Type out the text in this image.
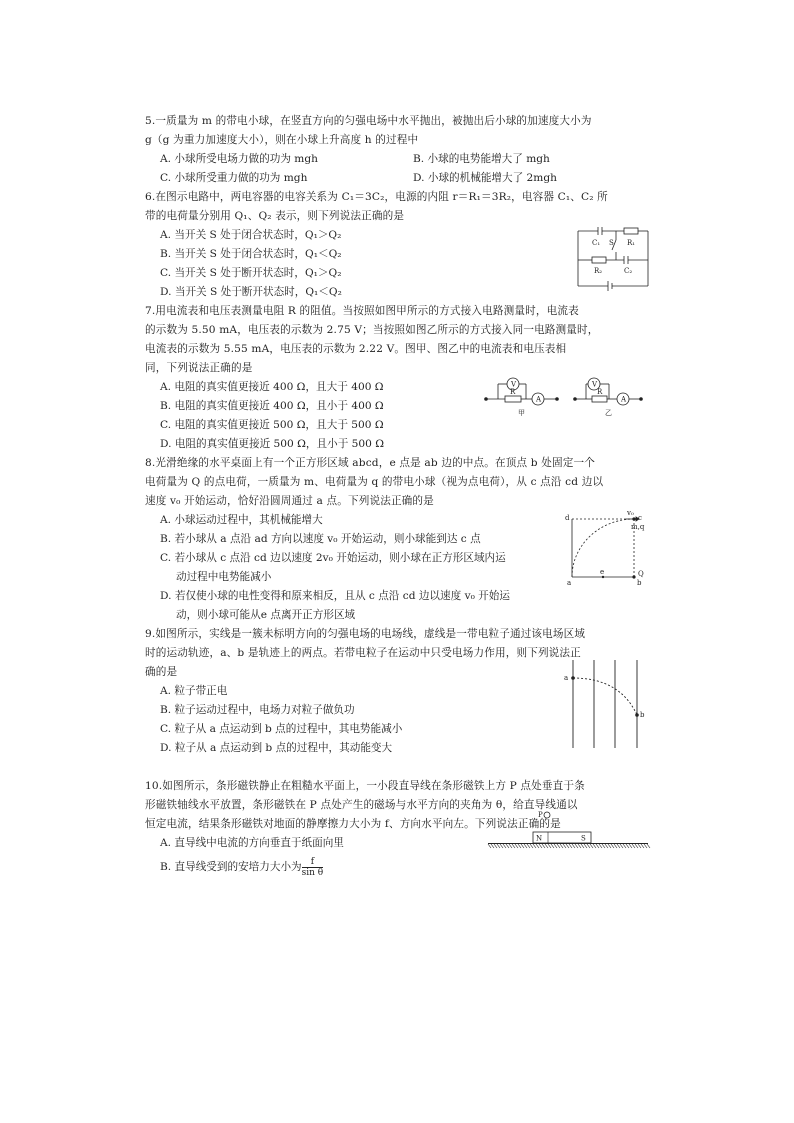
5.一质量为 m 的带电小球，在竖直方向的匀强电场中水平抛出，被抛出后小球的加速度大小为
g（g 为重力加速度大小），则在小球上升高度 h 的过程中
A. 小球所受电场力做的功为 mgh	B. 小球的电势能增大了 mgh
C. 小球所受重力做的功为 mgh	D. 小球的机械能增大了 2mgh
6.在图示电路中，两电容器的电容关系为 C₁＝3C₂，电源的内阻 r＝R₁＝3R₂，电容器 C₁、C₂ 所
带的电荷量分别用 Q₁、Q₂ 表示，则下列说法正确的是
A. 当开关 S 处于闭合状态时，Q₁＞Q₂
B. 当开关 S 处于闭合状态时，Q₁＜Q₂
C. 当开关 S 处于断开状态时，Q₁＞Q₂
D. 当开关 S 处于断开状态时，Q₁＜Q₂
C₁ S R₁
R₂	C₂
7.用电流表和电压表测量电阻 R 的阻值。当按照如图甲所示的方式接入电路测量时，电流表
的示数为 5.50 mA，电压表的示数为 2.75 V；当按照如图乙所示的方式接入同一电路测量时，
电流表的示数为 5.55 mA，电压表的示数为 2.22 V。图甲、图乙中的电流表和电压表相
同，下列说法正确的是
A. 电阻的真实值更接近 400 Ω，且大于 400 Ω
B. 电阻的真实值更接近 400 Ω，且小于 400 Ω
C. 电阻的真实值更接近 500 Ω，且大于 500 Ω
D. 电阻的真实值更接近 500 Ω，且小于 500 Ω
R
V
A
甲
R
V
A
乙
8.光滑绝缘的水平桌面上有一个正方形区域 abcd，e 点是 ab 边的中点。在顶点 b 处固定一个
电荷量为 Q 的点电荷，一质量为 m、电荷量为 q 的带电小球（视为点电荷），从 c 点沿 cd 边以
速度 v₀ 开始运动，恰好沿圆周通过 a 点。下列说法正确的是
A. 小球运动过程中，其机械能增大
B. 若小球从 a 点沿 ad 方向以速度 v₀ 开始运动，则小球能到达 c 点
C. 若小球从 c 点沿 cd 边以速度 2v₀ 开始运动，则小球在正方形区域内运
动过程中电势能减小
D. 若仅使小球的电性变得和原来相反，且从 c 点沿 cd 边以速度 v₀ 开始运
动，则小球可能从e 点离开正方形区域
d	c
v₀
m,q
a
e
b
Q
9.如图所示，实线是一簇未标明方向的匀强电场的电场线，虚线是一带电粒子通过该电场区域
时的运动轨迹，a、b 是轨迹上的两点。若带电粒子在运动中只受电场力作用，则下列说法正
确的是
A. 粒子带正电
B. 粒子运动过程中，电场力对粒子做负功
C. 粒子从 a 点运动到 b 点的过程中，其电势能减小
D. 粒子从 a 点运动到 b 点的过程中，其动能变大
a
b
10.如图所示，条形磁铁静止在粗糙水平面上，一小段直导线在条形磁铁上方 P 点处垂直于条
形磁铁轴线水平放置，条形磁铁在 P 点处产生的磁场与水平方向的夹角为 θ，给直导线通以
恒定电流，结果条形磁铁对地面的静摩擦力大小为 f、方向水平向左。下列说法正确的是
A. 直导线中电流的方向垂直于纸面向里
B. 直导线受到的安培力大小为 $\frac{f}{\text{sin θ}}$
P
N	S
